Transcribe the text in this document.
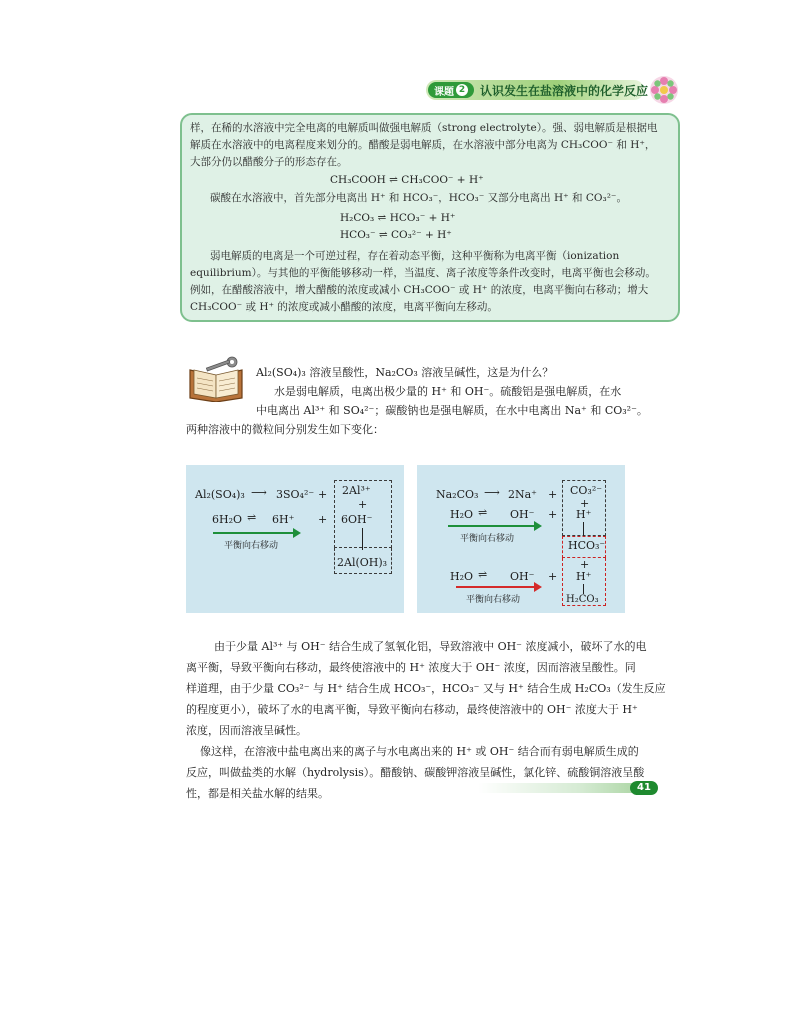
课题 2 认识发生在盐溶液中的化学反应
样，在稀的水溶液中完全电离的电解质叫做强电解质（strong electrolyte）。强、弱电解质是根据电
解质在水溶液中的电离程度来划分的。醋酸是弱电解质，在水溶液中部分电离为 CH₃COO⁻ 和 H⁺，
大部分仍以醋酸分子的形态存在。
CH₃COOH ⇌ CH₃COO⁻ + H⁺
碳酸在水溶液中，首先部分电离出 H⁺ 和 HCO₃⁻，HCO₃⁻ 又部分电离出 H⁺ 和 CO₃²⁻。
H₂CO₃ ⇌ HCO₃⁻ + H⁺
HCO₃⁻ ⇌ CO₃²⁻ + H⁺
弱电解质的电离是一个可逆过程，存在着动态平衡，这种平衡称为电离平衡（ionization
equilibrium）。与其他的平衡能够移动一样，当温度、离子浓度等条件改变时，电离平衡也会移动。
例如，在醋酸溶液中，增大醋酸的浓度或减小 CH₃COO⁻ 或 H⁺ 的浓度，电离平衡向右移动；增大
CH₃COO⁻ 或 H⁺ 的浓度或减小醋酸的浓度，电离平衡向左移动。
Al₂(SO₄)₃ 溶液呈酸性，Na₂CO₃ 溶液呈碱性，这是为什么？
水是弱电解质，电离出极少量的 H⁺ 和 OH⁻。硫酸铝是强电解质，在水
中电离出 Al³⁺ 和 SO₄²⁻；碳酸钠也是强电解质，在水中电离出 Na⁺ 和 CO₃²⁻。
两种溶液中的微粒间分别发生如下变化：
Al₂(SO₄)₃ ⟶ 3SO₄²⁻ + 2Al³⁺
+
6H₂O ⇌ 6H⁺ + 6OH⁻
平衡向右移动
2Al(OH)₃
Na₂CO₃ ⟶ 2Na⁺ + CO₃²⁻
+
H₂O ⇌ OH⁻ + H⁺
平衡向右移动	HCO₃⁻
+
H₂O ⇌ OH⁻ + H⁺
平衡向右移动	H₂CO₃
由于少量 Al³⁺ 与 OH⁻ 结合生成了氢氧化铝，导致溶液中 OH⁻ 浓度减小，破坏了水的电
离平衡，导致平衡向右移动，最终使溶液中的 H⁺ 浓度大于 OH⁻ 浓度，因而溶液呈酸性。同
样道理，由于少量 CO₃²⁻ 与 H⁺ 结合生成 HCO₃⁻，HCO₃⁻ 又与 H⁺ 结合生成 H₂CO₃（发生反应
的程度更小），破坏了水的电离平衡，导致平衡向右移动，最终使溶液中的 OH⁻ 浓度大于 H⁺
浓度，因而溶液呈碱性。
像这样，在溶液中盐电离出来的离子与水电离出来的 H⁺ 或 OH⁻ 结合而有弱电解质生成的
反应，叫做盐类的水解（hydrolysis）。醋酸钠、碳酸钾溶液呈碱性，氯化锌、硫酸铜溶液呈酸
性，都是相关盐水解的结果。	41
